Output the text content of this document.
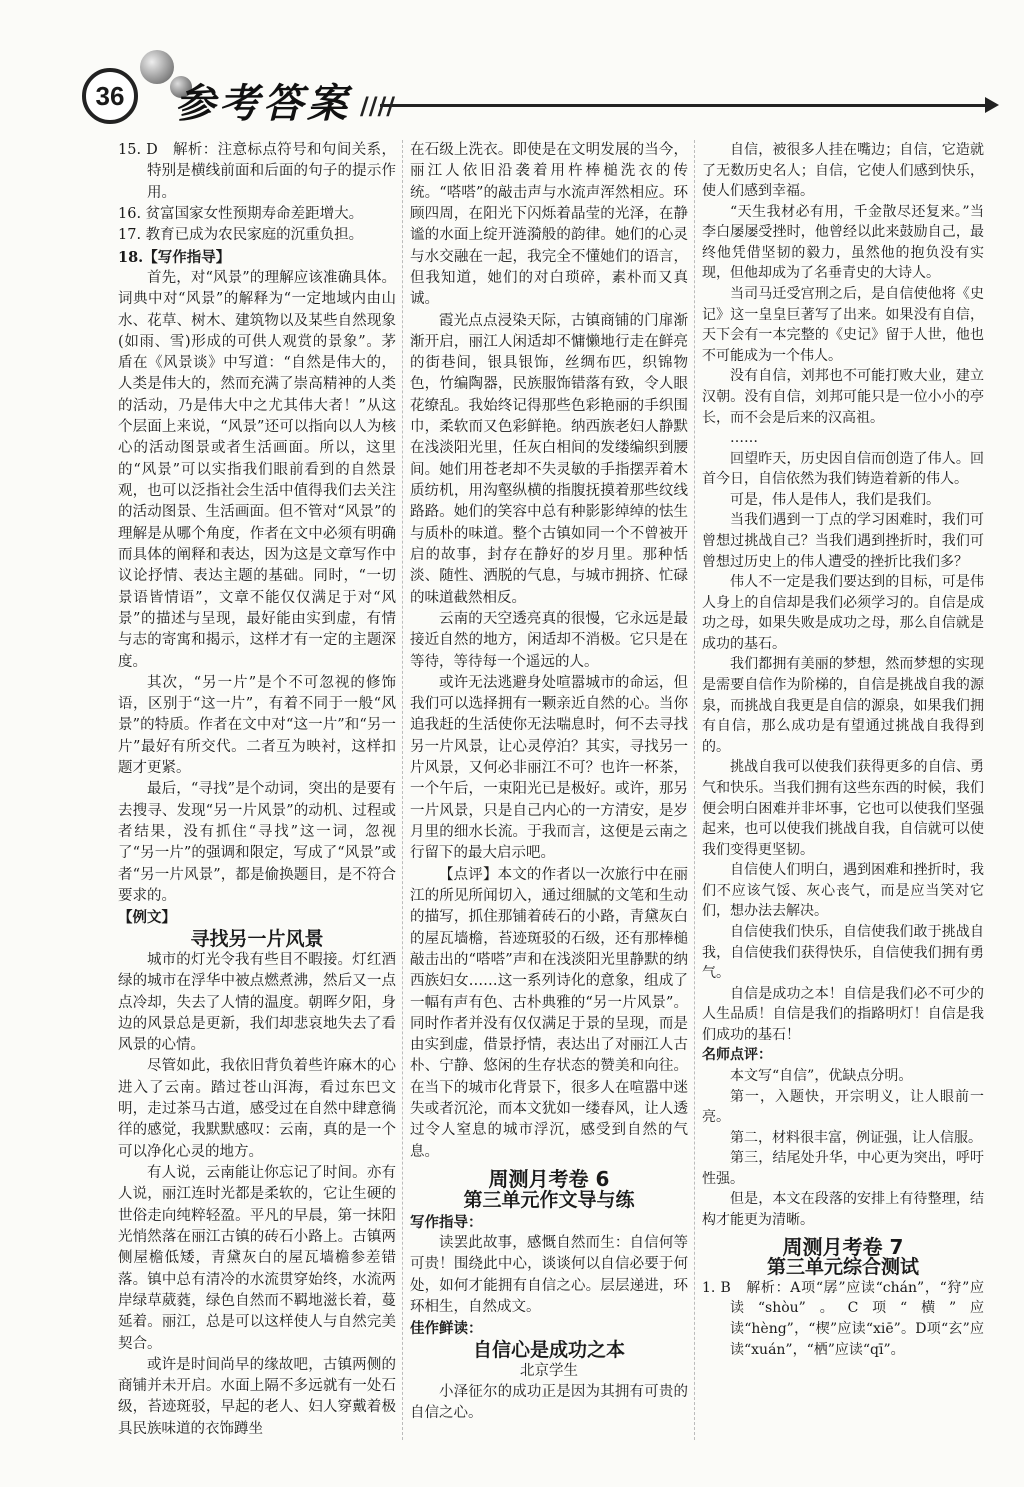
36	参考答案 ////

15. D　解析：注意标点符号和句间关系，特别是横线前面和后面的句子的提示作用。

16. 贫富国家女性预期寿命差距增大。

17. 教育已成为农民家庭的沉重负担。

18.【写作指导】

首先，对“风景”的理解应该准确具体。词典中对“风景”的解释为“一定地域内由山水、花草、树木、建筑物以及某些自然现象(如雨、雪)形成的可供人观赏的景象”。茅盾在《风景谈》中写道：“自然是伟大的，人类是伟大的，然而充满了崇高精神的人类的活动，乃是伟大中之尤其伟大者！”从这个层面上来说，“风景”还可以指向以人为核心的活动图景或者生活画面。所以，这里的“风景”可以实指我们眼前看到的自然景观，也可以泛指社会生活中值得我们去关注的活动图景、生活画面。但不管对“风景”的理解是从哪个角度，作者在文中必须有明确而具体的阐释和表达，因为这是文章写作中议论抒情、表达主题的基础。同时，“一切景语皆情语”，文章不能仅仅满足于对“风景”的描述与呈现，最好能由实到虚，有情与志的寄寓和揭示，这样才有一定的主题深度。

其次，“另一片”是个不可忽视的修饰语，区别于“这一片”，有着不同于一般“风景”的特质。作者在文中对“这一片”和“另一片”最好有所交代。二者互为映衬，这样扣题才更紧。

最后，“寻找”是个动词，突出的是要有去搜寻、发现“另一片风景”的动机、过程或者结果，没有抓住“寻找”这一词，忽视了“另一片”的强调和限定，写成了“风景”或者“另一片风景”，都是偷换题目，是不符合要求的。

【例文】

寻找另一片风景

城市的灯光令我有些目不暇接。灯红酒绿的城市在浮华中被点燃煮沸，然后又一点点冷却，失去了人情的温度。朝晖夕阳，身边的风景总是更新，我们却悲哀地失去了看风景的心情。

尽管如此，我依旧背负着些许麻木的心进入了云南。踏过苍山洱海，看过东巴文明，走过茶马古道，感受过在自然中肆意徜徉的感觉，我默默感叹：云南，真的是一个可以净化心灵的地方。

有人说，云南能让你忘记了时间。亦有人说，丽江连时光都是柔软的，它让生硬的世俗走向纯粹轻盈。平凡的早晨，第一抹阳光悄然落在丽江古镇的砖石小路上。古镇两侧屋檐低矮，青黛灰白的屋瓦墙檐参差错落。镇中总有清冷的水流贯穿始终，水流两岸绿草葳蕤，绿色自然而不羁地滋长着，蔓延着。丽江，总是可以这样使人与自然完美契合。

或许是时间尚早的缘故吧，古镇两侧的商铺并未开启。水面上隔不多远就有一处石级，苔迹斑驳，早起的老人、妇人穿戴着极具民族味道的衣饰蹲坐

在石级上洗衣。即使是在文明发展的当今，丽江人依旧沿袭着用杵棒槌洗衣的传统。“嗒嗒”的敲击声与水流声浑然相应。环顾四周，在阳光下闪烁着晶莹的光泽，在静谧的水面上绽开涟漪般的韵律。她们的心灵与水交融在一起，我完全不懂她们的语言，但我知道，她们的对白琐碎，素朴而又真诚。

霞光点点浸染天际，古镇商铺的门扉渐渐开启，丽江人闲适却不慵懒地行走在鲜亮的街巷间，银具银饰，丝绸布匹，织锦物色，竹编陶器，民族服饰错落有致，令人眼花缭乱。我始终记得那些色彩艳丽的手织围巾，柔软而又色彩鲜艳。纳西族老妇人静默在浅淡阳光里，任灰白相间的发缕编织到腰间。她们用苍老却不失灵敏的手指摆弄着木质纺机，用沟壑纵横的指腹抚摸着那些纹线路路。她们的笑容中总有种影影绰绰的怯生与质朴的味道。整个古镇如同一个不曾被开启的故事，封存在静好的岁月里。那种恬淡、随性、洒脱的气息，与城市拥挤、忙碌的味道截然相反。

云南的天空透亮真的很慢，它永远是最接近自然的地方，闲适却不消极。它只是在等待，等待每一个遥远的人。

或许无法逃避身处喧嚣城市的命运，但我们可以选择拥有一颗亲近自然的心。当你追我赶的生活使你无法喘息时，何不去寻找另一片风景，让心灵停泊？其实，寻找另一片风景，又何必非丽江不可？也许一杯茶，一个午后，一束阳光已是极好。或许，那另一片风景，只是自己内心的一方清安，是岁月里的细水长流。于我而言，这便是云南之行留下的最大启示吧。

【点评】本文的作者以一次旅行中在丽江的所见所闻切入，通过细腻的文笔和生动的描写，抓住那铺着砖石的小路，青黛灰白的屋瓦墙檐，苔迹斑驳的石级，还有那棒槌敲击出的“嗒嗒”声和在浅淡阳光里静默的纳西族妇女……这一系列诗化的意象，组成了一幅有声有色、古朴典雅的“另一片风景”。同时作者并没有仅仅满足于景的呈现，而是由实到虚，借景抒情，表达出了对丽江人古朴、宁静、悠闲的生存状态的赞美和向往。在当下的城市化背景下，很多人在喧嚣中迷失或者沉沦，而本文犹如一缕春风，让人透过令人窒息的城市浮沉，感受到自然的气息。

周测月考卷 6

第三单元作文导与练

写作指导：

读罢此故事，感慨自然而生：自信何等可贵！围绕此中心，谈谈何以自信必要于何处，如何才能拥有自信之心。层层递进，环环相生，自然成文。

佳作鲜读：

自信心是成功之本

北京学生

小泽征尔的成功正是因为其拥有可贵的自信之心。

自信，被很多人挂在嘴边；自信，它造就了无数历史名人；自信，它使人们感到快乐，使人们感到幸福。

“天生我材必有用，千金散尽还复来。”当李白屡屡受挫时，他曾经以此来鼓励自己，最终他凭借坚韧的毅力，虽然他的抱负没有实现，但他却成为了名垂青史的大诗人。

当司马迁受宫刑之后，是自信使他将《史记》这一皇皇巨著写了出来。如果没有自信，天下会有一本完整的《史记》留于人世，他也不可能成为一个伟人。

没有自信，刘邦也不可能打败大业，建立汉朝。没有自信，刘邦可能只是一位小小的亭长，而不会是后来的汉高祖。

……

回望昨天，历史因自信而创造了伟人。回首今日，自信依然为我们铸造着新的伟人。

可是，伟人是伟人，我们是我们。

当我们遇到一丁点的学习困难时，我们可曾想过挑战自己？当我们遇到挫折时，我们可曾想过历史上的伟人遭受的挫折比我们多？

伟人不一定是我们要达到的目标，可是伟人身上的自信却是我们必须学习的。自信是成功之母，如果失败是成功之母，那么自信就是成功的基石。

我们都拥有美丽的梦想，然而梦想的实现是需要自信作为阶梯的，自信是挑战自我的源泉，而挑战自我更是自信的源泉，如果我们拥有自信，那么成功是有望通过挑战自我得到的。

挑战自我可以使我们获得更多的自信、勇气和快乐。当我们拥有这些东西的时候，我们便会明白困难并非坏事，它也可以使我们坚强起来，也可以使我们挑战自我，自信就可以使我们变得更坚韧。

自信使人们明白，遇到困难和挫折时，我们不应该气馁、灰心丧气，而是应当笑对它们，想办法去解决。

自信使我们快乐，自信使我们敢于挑战自我，自信使我们获得快乐，自信使我们拥有勇气。

自信是成功之本！自信是我们必不可少的人生品质！自信是我们的指路明灯！自信是我们成功的基石！

名师点评：

本文写“自信”，优缺点分明。

第一，入题快，开宗明义，让人眼前一亮。

第二，材料很丰富，例证强，让人信服。

第三，结尾处升华，中心更为突出，呼吁性强。

但是，本文在段落的安排上有待整理，结构才能更为清晰。

周测月考卷 7

第三单元综合测试

1. B　解析：A项“孱”应读“chán”，“狩”应读“shòu”。C项“横”应读“hèng”，“楔”应读“xiē”。D项“玄”应读“xuán”，“栖”应读“qī”。
